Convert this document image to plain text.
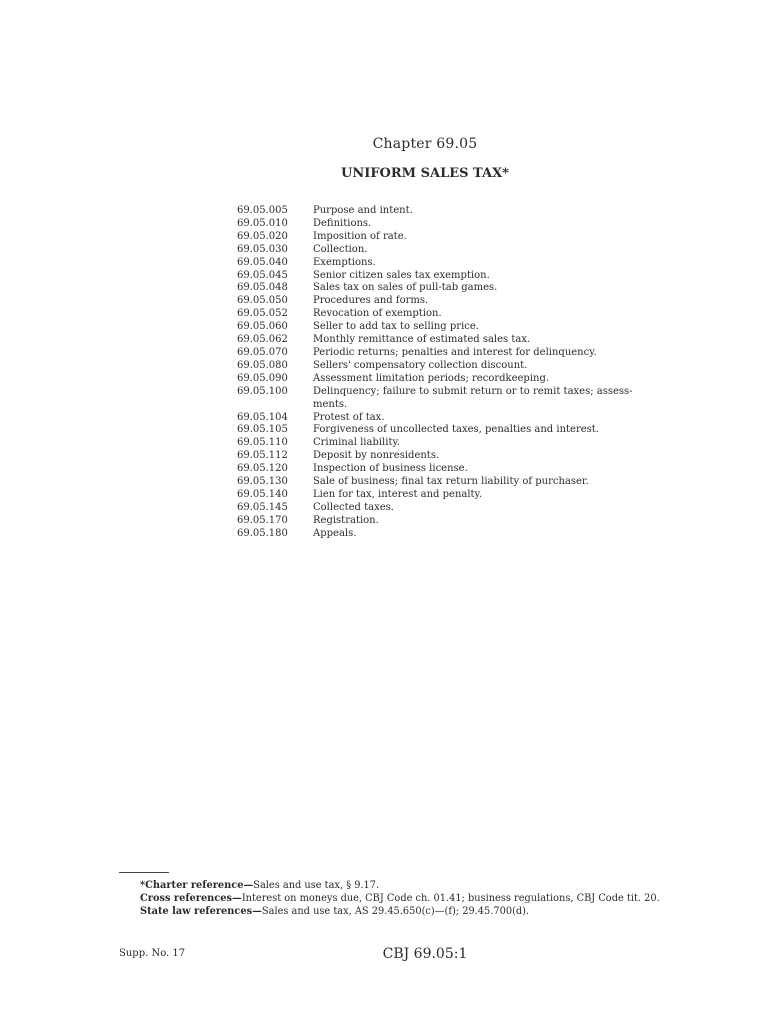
Chapter 69.05
UNIFORM SALES TAX*
69.05.005	Purpose and intent.
69.05.010	Definitions.
69.05.020	Imposition of rate.
69.05.030	Collection.
69.05.040	Exemptions.
69.05.045	Senior citizen sales tax exemption.
69.05.048	Sales tax on sales of pull-tab games.
69.05.050	Procedures and forms.
69.05.052	Revocation of exemption.
69.05.060	Seller to add tax to selling price.
69.05.062	Monthly remittance of estimated sales tax.
69.05.070	Periodic returns; penalties and interest for delinquency.
69.05.080	Sellers' compensatory collection discount.
69.05.090	Assessment limitation periods; recordkeeping.
69.05.100	Delinquency; failure to submit return or to remit taxes; assess-
ments.
69.05.104	Protest of tax.
69.05.105	Forgiveness of uncollected taxes, penalties and interest.
69.05.110	Criminal liability.
69.05.112	Deposit by nonresidents.
69.05.120	Inspection of business license.
69.05.130	Sale of business; final tax return liability of purchaser.
69.05.140	Lien for tax, interest and penalty.
69.05.145	Collected taxes.
69.05.170	Registration.
69.05.180	Appeals.
*Charter reference—Sales and use tax, § 9.17.
Cross references—Interest on moneys due, CBJ Code ch. 01.41; business regulations, CBJ Code tit. 20.
State law references—Sales and use tax, AS 29.45.650(c)—(f); 29.45.700(d).
Supp. No. 17	CBJ 69.05:1
